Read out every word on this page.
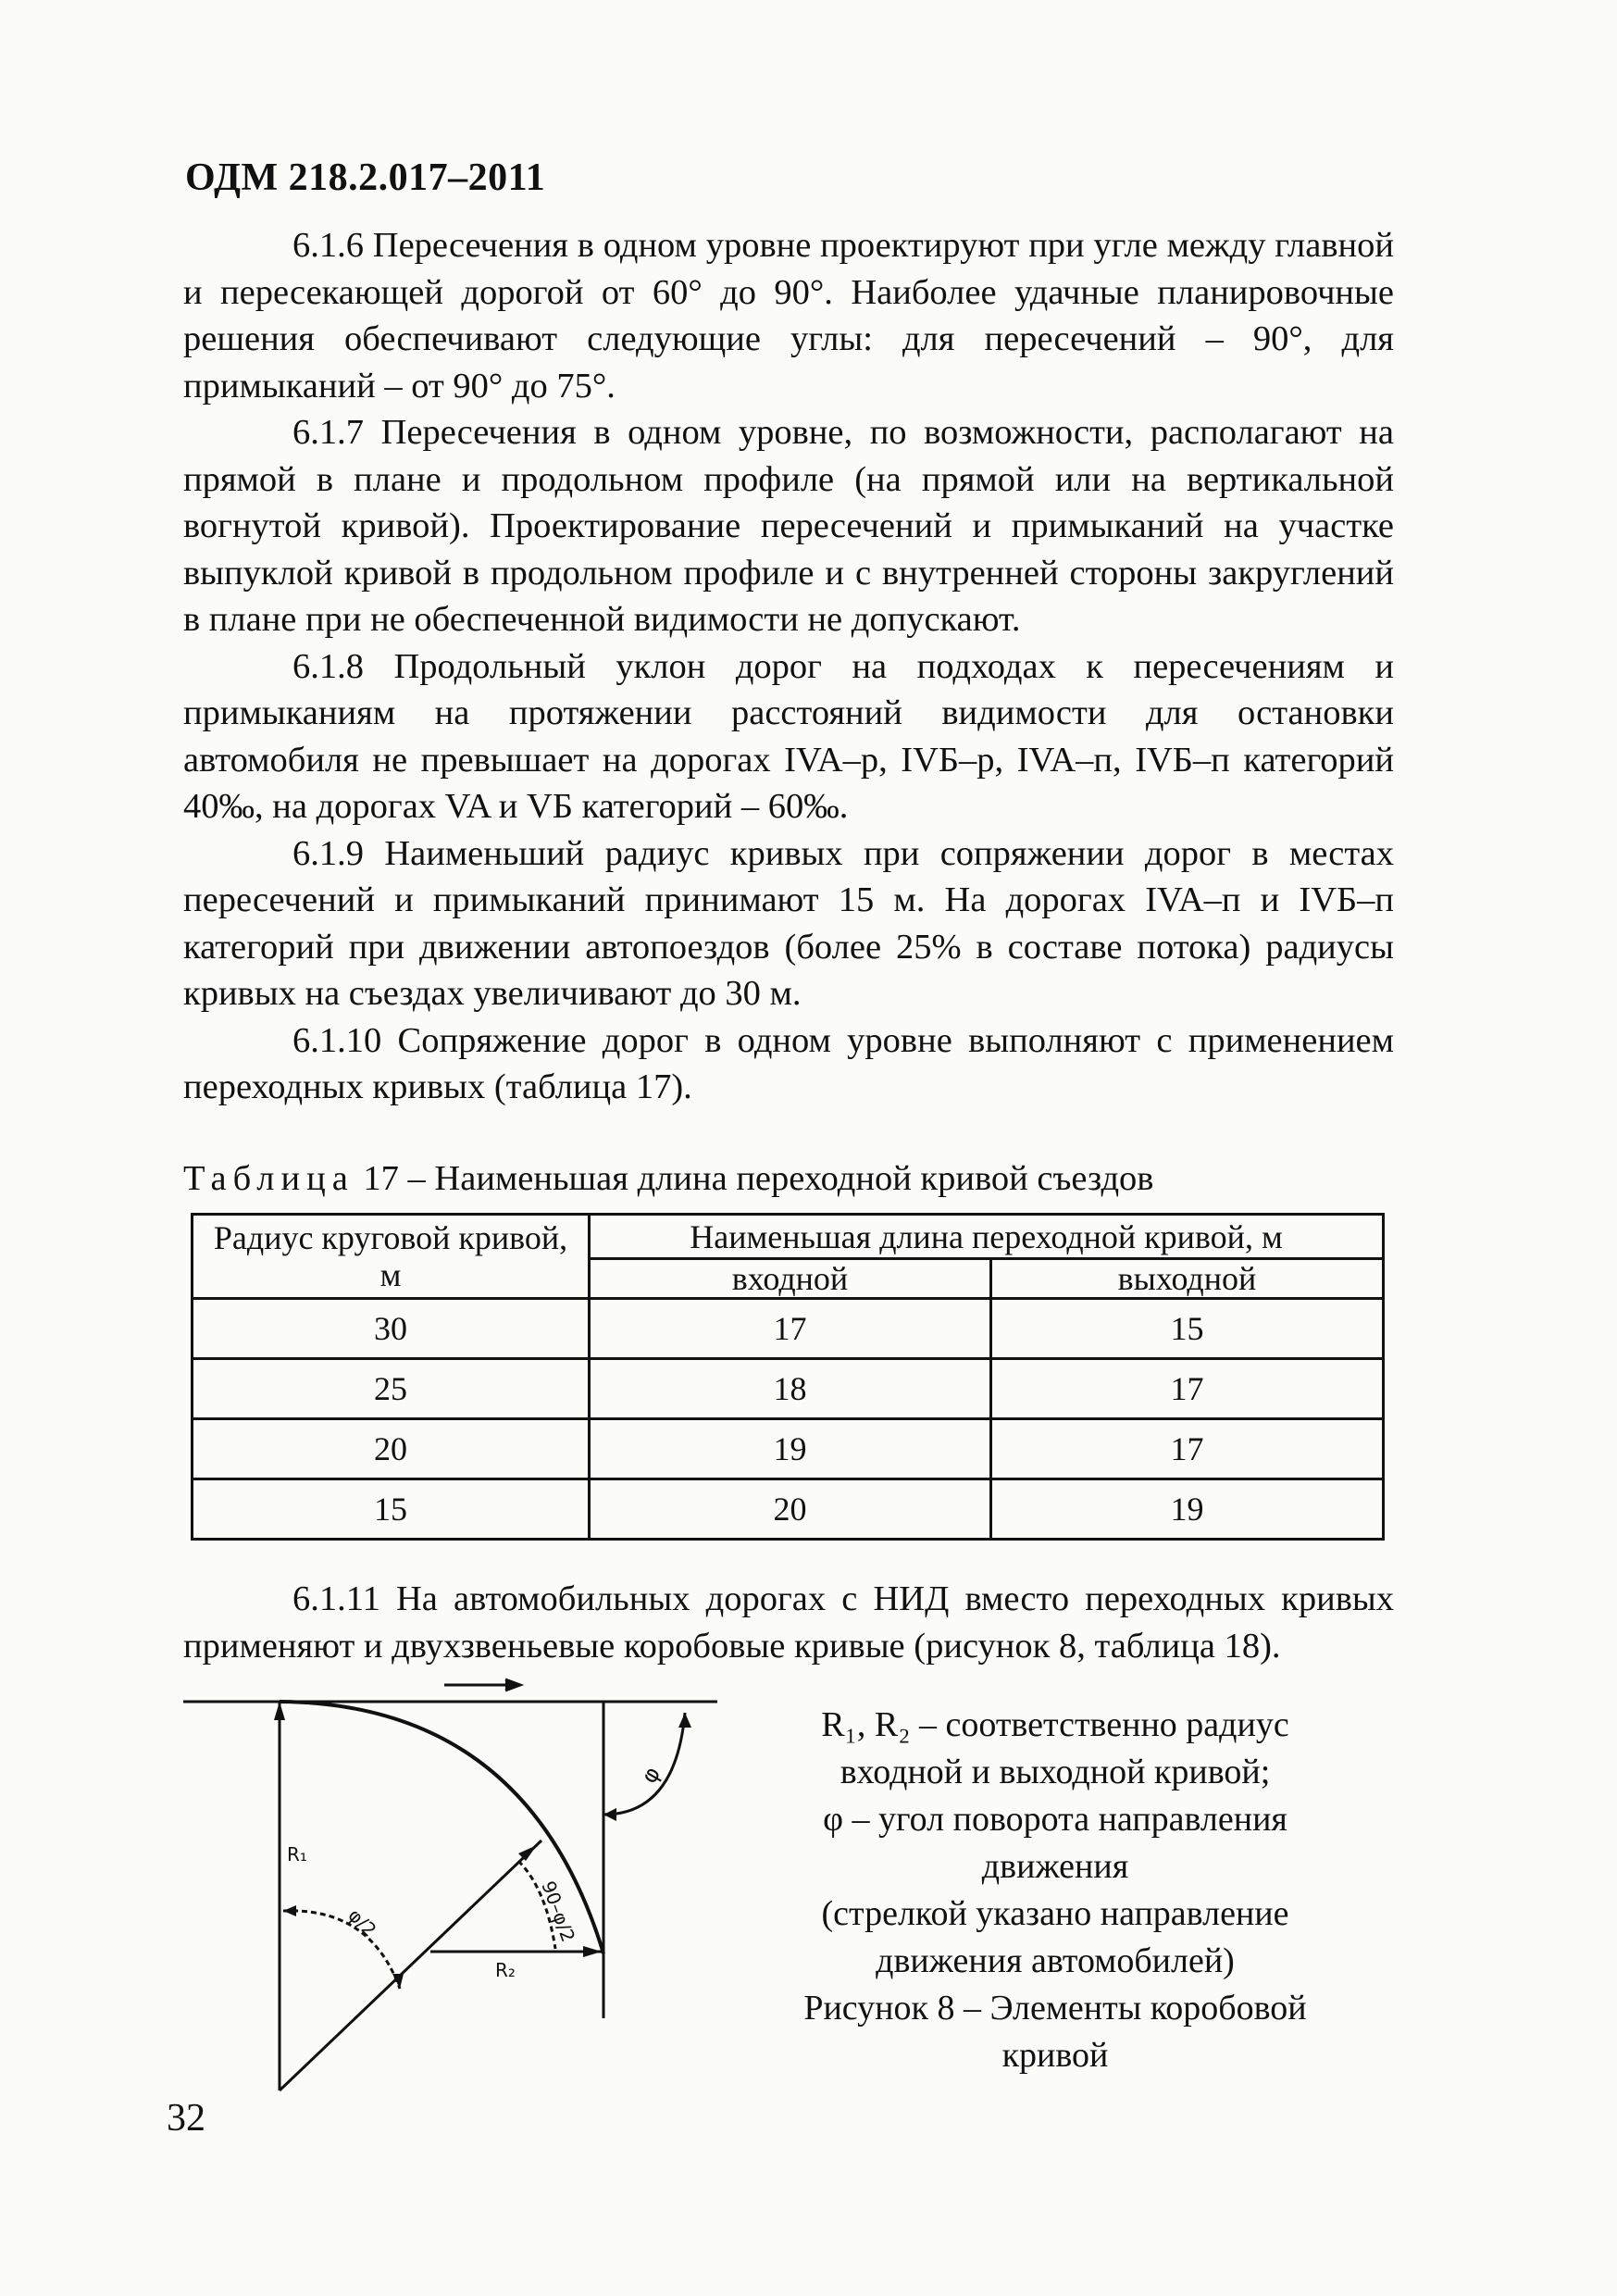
ОДМ 218.2.017–2011

6.1.6 Пересечения в одном уровне проектируют при угле между главной и пересекающей дорогой от 60° до 90°. Наиболее удачные планировочные решения обеспечивают следующие углы: для пересечений – 90°, для примыканий – от 90° до 75°.

6.1.7 Пересечения в одном уровне, по возможности, располагают на прямой в плане и продольном профиле (на прямой или на вертикальной вогнутой кривой). Проектирование пересечений и примыканий на участке выпуклой кривой в продольном профиле и с внутренней стороны закруглений в плане при не обеспеченной видимости не допускают.

6.1.8 Продольный уклон дорог на подходах к пересечениям и примыканиям на протяжении расстояний видимости для остановки автомобиля не превышает на дорогах IVA–р, IVБ–р, IVA–п, IVБ–п категорий 40‰, на дорогах VA и VБ категорий – 60‰.

6.1.9 Наименьший радиус кривых при сопряжении дорог в местах пересечений и примыканий принимают 15 м. На дорогах IVA–п и IVБ–п категорий при движении автопоездов (более 25% в составе потока) радиусы кривых на съездах увеличивают до 30 м.

6.1.10 Сопряжение дорог в одном уровне выполняют с применением переходных кривых (таблица 17).

Таблица 17 – Наименьшая длина переходной кривой съездов
Радиус круговой кривой,
м	Наименьшая длина переходной кривой, м	
	входной	выходной
30	17	15
25	18	17
20	19	17
15	20	19

6.1.11 На автомобильных дорогах с НИД вместо переходных кривых применяют и двухзвеньевые коробовые кривые (рисунок 8, таблица 18).

R₁
R₂
φ
φ/2	90–φ/2

R₁, R₂ – соответственно радиус

входной и выходной кривой;

φ – угол поворота направления

движения

(стрелкой указано направление

движения автомобилей)

Рисунок 8 – Элементы коробовой

кривой

32
